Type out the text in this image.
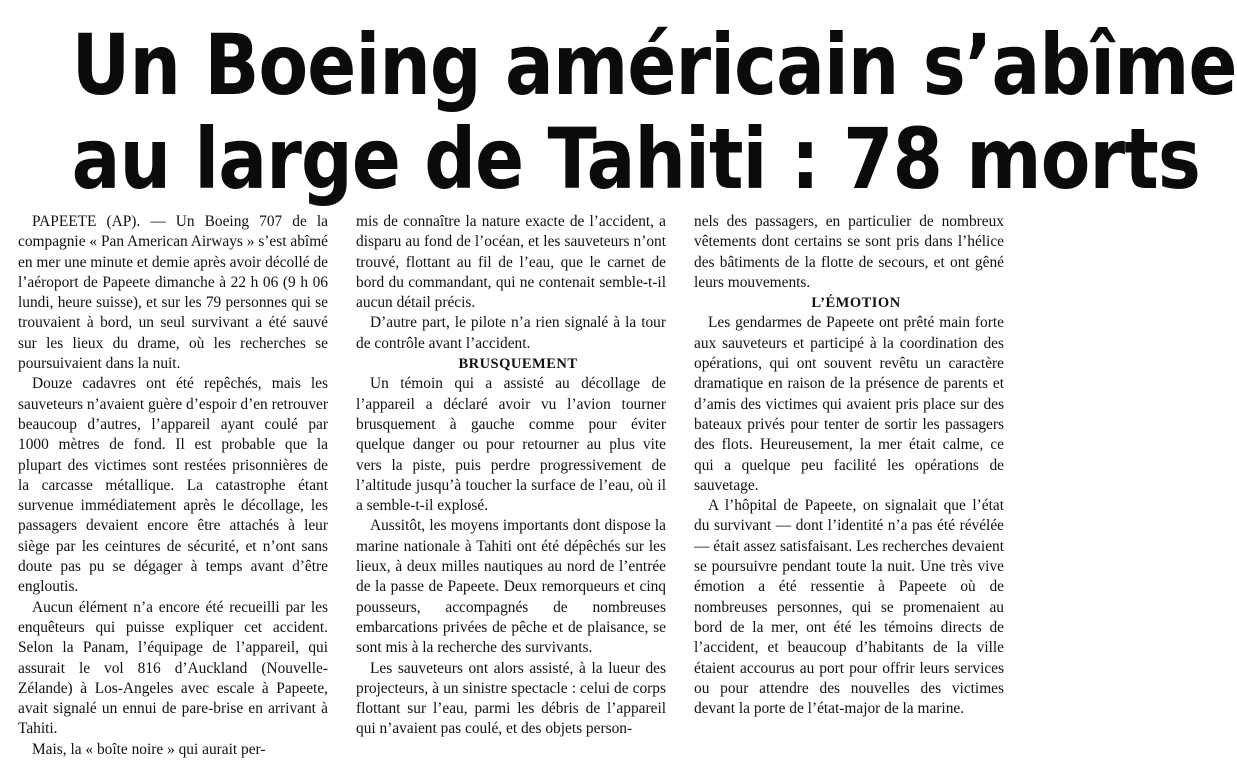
Un Boeing américain s’abîme
au large de Tahiti : 78 morts

PAPEETE (AP). — Un Boeing 707 de la compagnie « Pan American Airways » s’est abîmé en mer une minute et demie après avoir décollé de l’aéroport de Papeete dimanche à 22 h 06 (9 h 06 lundi, heure suisse), et sur les 79 personnes qui se trouvaient à bord, un seul survivant a été sauvé sur les lieux du drame, où les recherches se poursuivaient dans la nuit.

Douze cadavres ont été repêchés, mais les sauveteurs n’avaient guère d’espoir d’en retrouver beaucoup d’autres, l’appareil ayant coulé par 1000 mètres de fond. Il est probable que la plupart des victimes sont restées prisonnières de la carcasse métallique. La catastrophe étant survenue immédiatement après le décollage, les passagers devaient encore être attachés à leur siège par les ceintures de sécurité, et n’ont sans doute pas pu se dégager à temps avant d’être engloutis.

Aucun élément n’a encore été recueilli par les enquêteurs qui puisse expliquer cet accident. Selon la Panam, l’équipage de l’appareil, qui assurait le vol 816 d’Auckland (Nouvelle-Zélande) à Los-Angeles avec escale à Papeete, avait signalé un ennui de pare-brise en arrivant à Tahiti.

Mais, la « boîte noire » qui aurait per-

mis de connaître la nature exacte de l’accident, a disparu au fond de l’océan, et les sauveteurs n’ont trouvé, flottant au fil de l’eau, que le carnet de bord du commandant, qui ne contenait semble-t-il aucun détail précis.

D’autre part, le pilote n’a rien signalé à la tour de contrôle avant l’accident.

BRUSQUEMENT

Un témoin qui a assisté au décollage de l’appareil a déclaré avoir vu l’avion tourner brusquement à gauche comme pour éviter quelque danger ou pour retourner au plus vite vers la piste, puis perdre progressivement de l’altitude jusqu’à toucher la surface de l’eau, où il a semble-t-il explosé.

Aussitôt, les moyens importants dont dispose la marine nationale à Tahiti ont été dépêchés sur les lieux, à deux milles nautiques au nord de l’entrée de la passe de Papeete. Deux remorqueurs et cinq pousseurs, accompagnés de nombreuses embarcations privées de pêche et de plaisance, se sont mis à la recherche des survivants.

Les sauveteurs ont alors assisté, à la lueur des projecteurs, à un sinistre spectacle : celui de corps flottant sur l’eau, parmi les débris de l’appareil qui n’avaient pas coulé, et des objets person-

nels des passagers, en particulier de nombreux vêtements dont certains se sont pris dans l’hélice des bâtiments de la flotte de secours, et ont gêné leurs mouvements.

L’ÉMOTION

Les gendarmes de Papeete ont prêté main forte aux sauveteurs et participé à la coordination des opérations, qui ont souvent revêtu un caractère dramatique en raison de la présence de parents et d’amis des victimes qui avaient pris place sur des bateaux privés pour tenter de sortir les passagers des flots. Heureusement, la mer était calme, ce qui a quelque peu facilité les opérations de sauvetage.

A l’hôpital de Papeete, on signalait que l’état du survivant — dont l’identité n’a pas été révélée — était assez satisfaisant. Les recherches devaient se poursuivre pendant toute la nuit. Une très vive émotion a été ressentie à Papeete où de nombreuses personnes, qui se promenaient au bord de la mer, ont été les témoins directs de l’accident, et beaucoup d’habitants de la ville étaient accourus au port pour offrir leurs services ou pour attendre des nouvelles des victimes devant la porte de l’état-major de la marine.
